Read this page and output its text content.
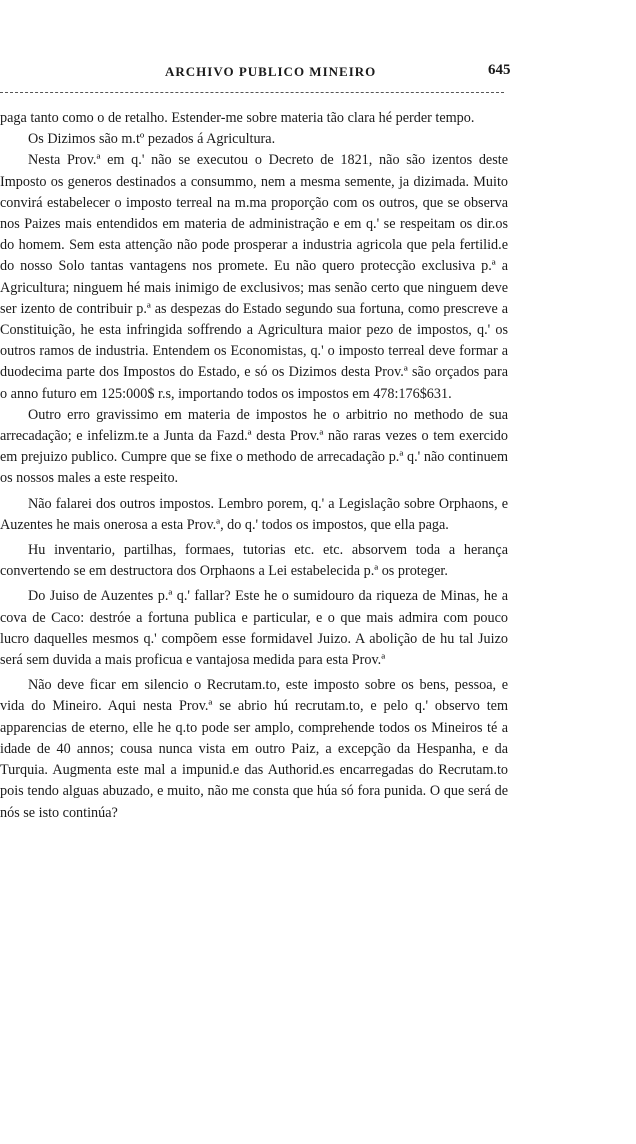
ARCHIVO PUBLICO MINEIRO	645

paga tanto como o de retalho. Estender-me sobre materia tão clara hé perder tempo.

Os Dizimos são m.tº pezados á Agricultura.

Nesta Prov.ª em q.' não se executou o Decreto de 1821, não são izentos deste Imposto os generos destinados a consummo, nem a mesma semente, ja dizimada. Muito convirá estabelecer o imposto terreal na m.ma proporção com os outros, que se observa nos Paizes mais entendidos em materia de administração e em q.' se respeitam os dir.os do homem. Sem esta attenção não pode prosperar a industria agricola que pela fertilid.e do nosso Solo tantas vantagens nos promete. Eu não quero protecção exclusiva p.ª a Agricultura; ninguem hé mais inimigo de exclusivos; mas senão certo que ninguem deve ser izento de contribuir p.ª as despezas do Estado segundo sua fortuna, como prescreve a Constituição, he esta infringida soffrendo a Agricultura maior pezo de impostos, q.' os outros ramos de industria. Entendem os Economistas, q.' o imposto terreal deve formar a duodecima parte dos Impostos do Estado, e só os Dizimos desta Prov.ª são orçados para o anno futuro em 125:000$ r.s, importando todos os impostos em 478:176$631.

Outro erro gravissimo em materia de impostos he o arbitrio no methodo de sua arrecadação; e infelizm.te a Junta da Fazd.ª desta Prov.ª não raras vezes o tem exercido em prejuizo publico. Cumpre que se fixe o methodo de arrecadação p.ª q.' não continuem os nossos males a este respeito.

Não falarei dos outros impostos. Lembro porem, q.' a Legislação sobre Orphaons, e Auzentes he mais onerosa a esta Prov.ª, do q.' todos os impostos, que ella paga.

Hu inventario, partilhas, formaes, tutorias etc. etc. absorvem toda a herança convertendo se em destructora dos Orphaons a Lei estabelecida p.ª os proteger.

Do Juiso de Auzentes p.ª q.' fallar? Este he o sumidouro da riqueza de Minas, he a cova de Caco: destróe a fortuna publica e particular, e o que mais admira com pouco lucro daquelles mesmos q.' compõem esse formidavel Juizo. A abolição de hu tal Juizo será sem duvida a mais proficua e vantajosa medida para esta Prov.ª

Não deve ficar em silencio o Recrutam.to, este imposto sobre os bens, pessoa, e vida do Mineiro. Aqui nesta Prov.ª se abrio hú recrutam.to, e pelo q.' observo tem apparencias de eterno, elle he q.to pode ser amplo, comprehende todos os Mineiros té a idade de 40 annos; cousa nunca vista em outro Paiz, a excepção da Hespanha, e da Turquia. Augmenta este mal a impunid.e das Authorid.es encarregadas do Recrutam.to pois tendo alguas abuzado, e muito, não me consta que húa só fora punida. O que será de nós se isto continúa?
